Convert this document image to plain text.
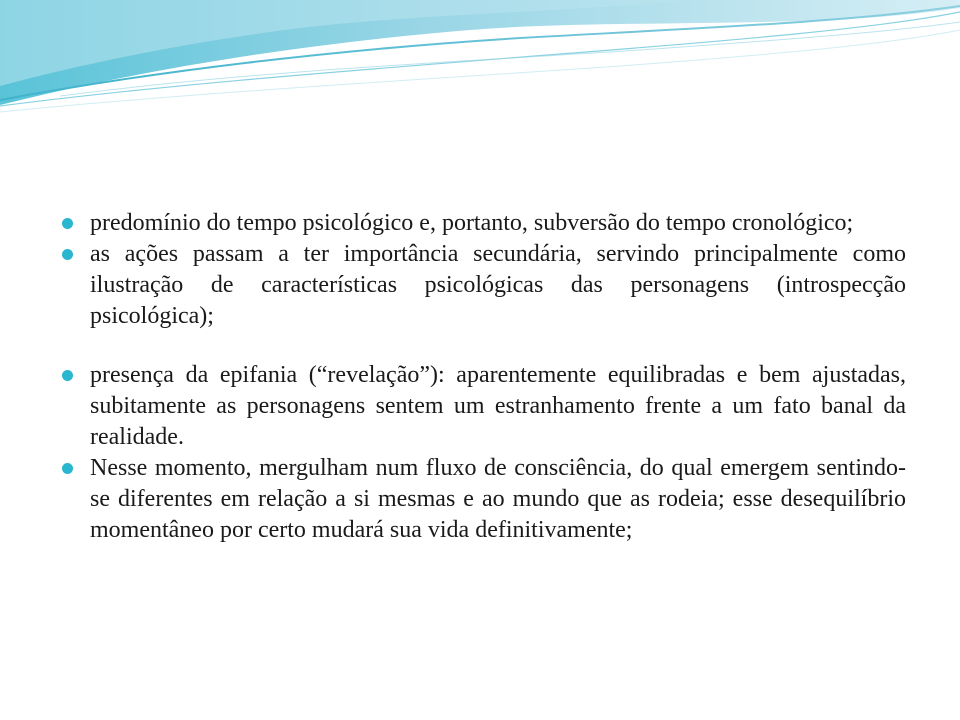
predomínio do tempo psicológico e, portanto, subversão do tempo cronológico;
as ações passam a ter importância secundária, servindo principalmente como ilustração de características psicológicas das personagens (introspecção psicológica);
presença da epifania (“revelação”): aparentemente equilibradas e bem ajustadas, subitamente as personagens sentem um estranhamento frente a um fato banal da realidade.
Nesse momento, mergulham num fluxo de consciência, do qual emergem sentindo-se diferentes em relação a si mesmas e ao mundo que as rodeia; esse desequilíbrio momentâneo por certo mudará sua vida definitivamente;
